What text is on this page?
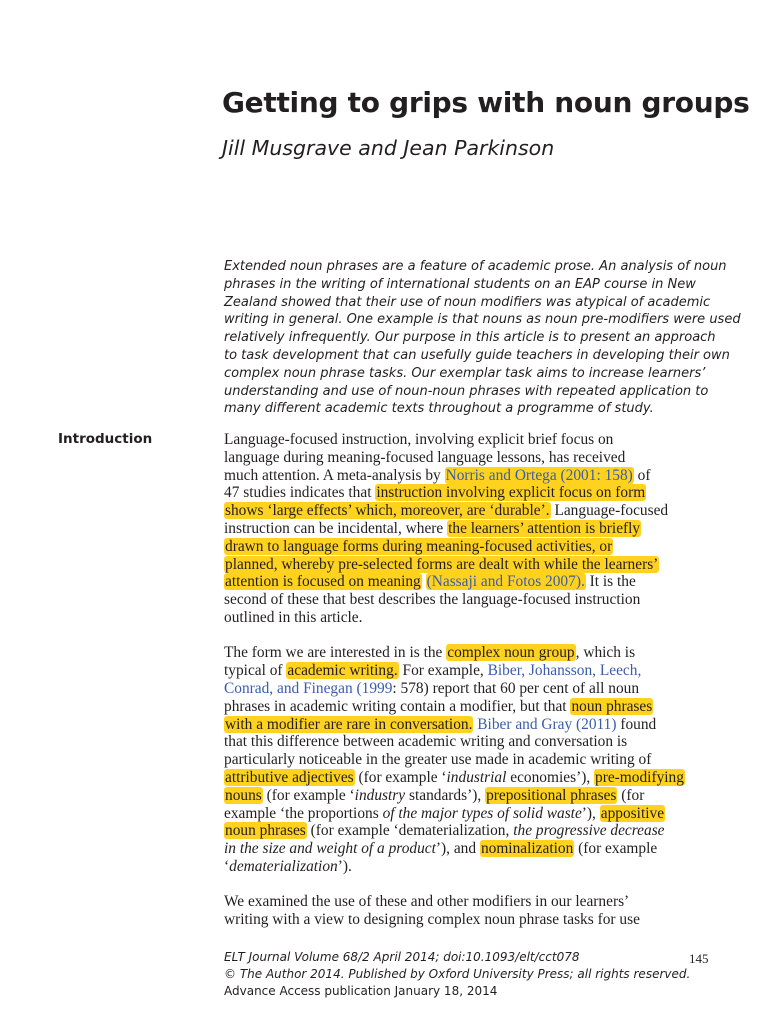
Getting to grips with noun groups
Jill Musgrave and Jean Parkinson
Extended noun phrases are a feature of academic prose. An analysis of noun
phrases in the writing of international students on an EAP course in New
Zealand showed that their use of noun modifiers was atypical of academic
writing in general. One example is that nouns as noun pre-modifiers were used
relatively infrequently. Our purpose in this article is to present an approach
to task development that can usefully guide teachers in developing their own
complex noun phrase tasks. Our exemplar task aims to increase learners’
understanding and use of noun-noun phrases with repeated application to
many different academic texts throughout a programme of study.
Introduction	Language-focused instruction, involving explicit brief focus on
language during meaning-focused language lessons, has received
much attention. A meta-analysis by Norris and Ortega (2001: 158) of
47 studies indicates that instruction involving explicit focus on form
shows ‘large effects’ which, moreover, are ‘durable’. Language-focused
instruction can be incidental, where the learners’ attention is briefly
drawn to language forms during meaning-focused activities, or
planned, whereby pre-selected forms are dealt with while the learners’
attention is focused on meaning (Nassaji and Fotos 2007). It is the
second of these that best describes the language-focused instruction
outlined in this article.
The form we are interested in is the complex noun group, which is
typical of academic writing. For example, Biber, Johansson, Leech,
Conrad, and Finegan (1999: 578) report that 60 per cent of all noun
phrases in academic writing contain a modifier, but that noun phrases
with a modifier are rare in conversation. Biber and Gray (2011) found
that this difference between academic writing and conversation is
particularly noticeable in the greater use made in academic writing of
attributive adjectives (for example ‘industrial economies’), pre-modifying
nouns (for example ‘industry standards’), prepositional phrases (for
example ‘the proportions of the major types of solid waste’), appositive
noun phrases (for example ‘dematerialization, the progressive decrease
in the size and weight of a product’), and nominalization (for example
‘dematerialization’).
We examined the use of these and other modifiers in our learners’
writing with a view to designing complex noun phrase tasks for use
ELT Journal Volume 68/2 April 2014; doi:10.1093/elt/cct078
© The Author 2014. Published by Oxford University Press; all rights reserved.
Advance Access publication January 18, 2014
145
